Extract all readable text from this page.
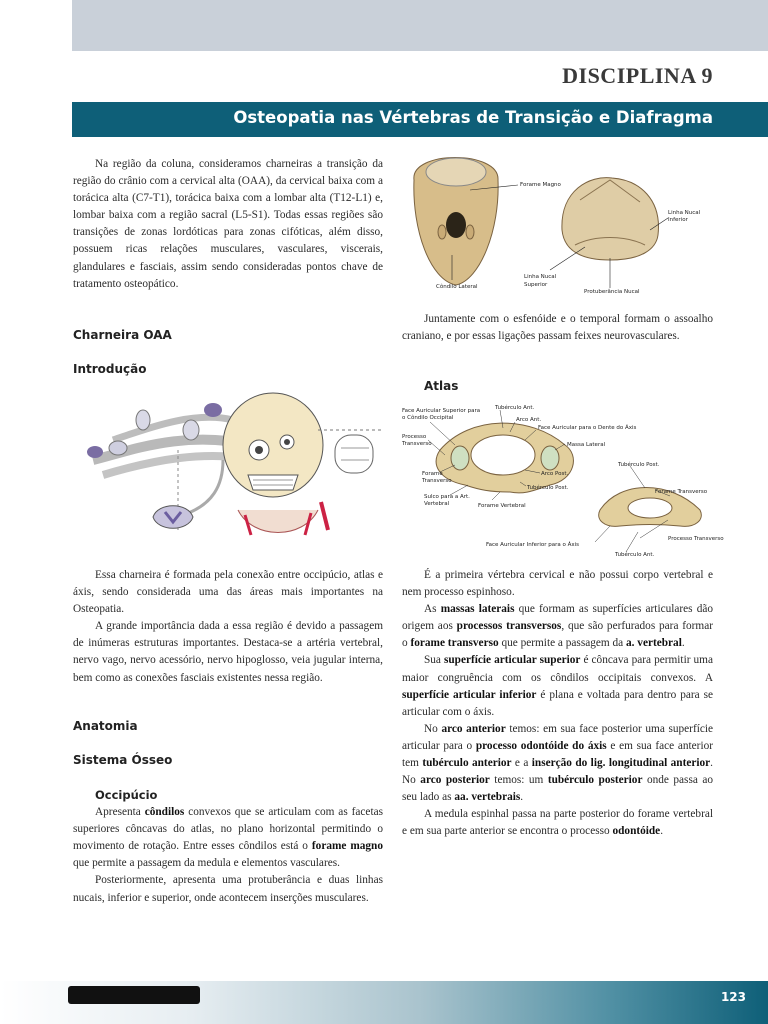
DISCIPLINA 9
Osteopatia nas Vértebras de Transição e Diafragma

Na região da coluna, consideramos charneiras a transição da região do crânio com a cervical alta (OAA), da cervical baixa com a torácica alta (C7-T1), torácica baixa com a lombar alta (T12-L1) e, lombar baixa com a região sacral (L5-S1). Todas essas regiões são transições de zonas lordóticas para zonas cifóticas, além disso, possuem ricas relações musculares, vasculares, viscerais, glandulares e fasciais, assim sendo consideradas pontos chave de tratamento osteopático.

Charneira OAA
Introdução

Essa charneira é formada pela conexão entre occipúcio, atlas e áxis, sendo considerada uma das áreas mais importantes na Osteopatia.

A grande importância dada a essa região é devido a passagem de inúmeras estruturas importantes. Destaca-se a artéria vertebral, nervo vago, nervo acessório, nervo hipoglosso, veia jugular interna, bem como as conexões fasciais existentes nessa região.

Anatomia
Sistema Ósseo
Occipúcio

Apresenta côndilos convexos que se articulam com as facetas superiores côncavas do atlas, no plano horizontal permitindo o movimento de rotação. Entre esses côndilos está o forame magno que permite a passagem da medula e elementos vasculares.

Posteriormente, apresenta uma protuberância e duas linhas nucais, inferior e superior, onde acontecem inserções musculares.

Forame Magno
Côndilo Lateral
Linha Nucal
Inferior
Linha Nucal
Superior
Protuberância Nucal

Juntamente com o esfenóide e o temporal formam o assoalho craniano, e por essas ligações passam feixes neurovasculares.

Atlas
Face Auricular Superior para
o Côndilo Occipital
Processo
Transverso
Tubérculo Ant.
Arco Ant.
Face Auricular para o Dente do Áxis
Massa Lateral
Forame
Transverso
Arco Post.
Tubérculo Post.
Sulco para a Art.
Vertebral	Forame Vertebral
Tubérculo Post.
Forame Transverso
Face Auricular Inferior para o Áxis
Processo Transverso
Tubérculo Ant.

É a primeira vértebra cervical e não possui corpo vertebral e nem processo espinhoso.

As massas laterais que formam as superfícies articulares dão origem aos processos transversos, que são perfurados para formar o forame transverso que permite a passagem da a. vertebral.

Sua superfície articular superior é côncava para permitir uma maior congruência com os côndilos occipitais convexos. A superfície articular inferior é plana e voltada para dentro para se articular com o áxis.

No arco anterior temos: em sua face posterior uma superfície articular para o processo odontóide do áxis e em sua face anterior tem tubérculo anterior e a inserção do lig. longitudinal anterior. No arco posterior temos: um tubérculo posterior onde passa ao seu lado as aa. vertebrais.

A medula espinhal passa na parte posterior do forame vertebral e em sua parte anterior se encontra o processo odontóide.

123
